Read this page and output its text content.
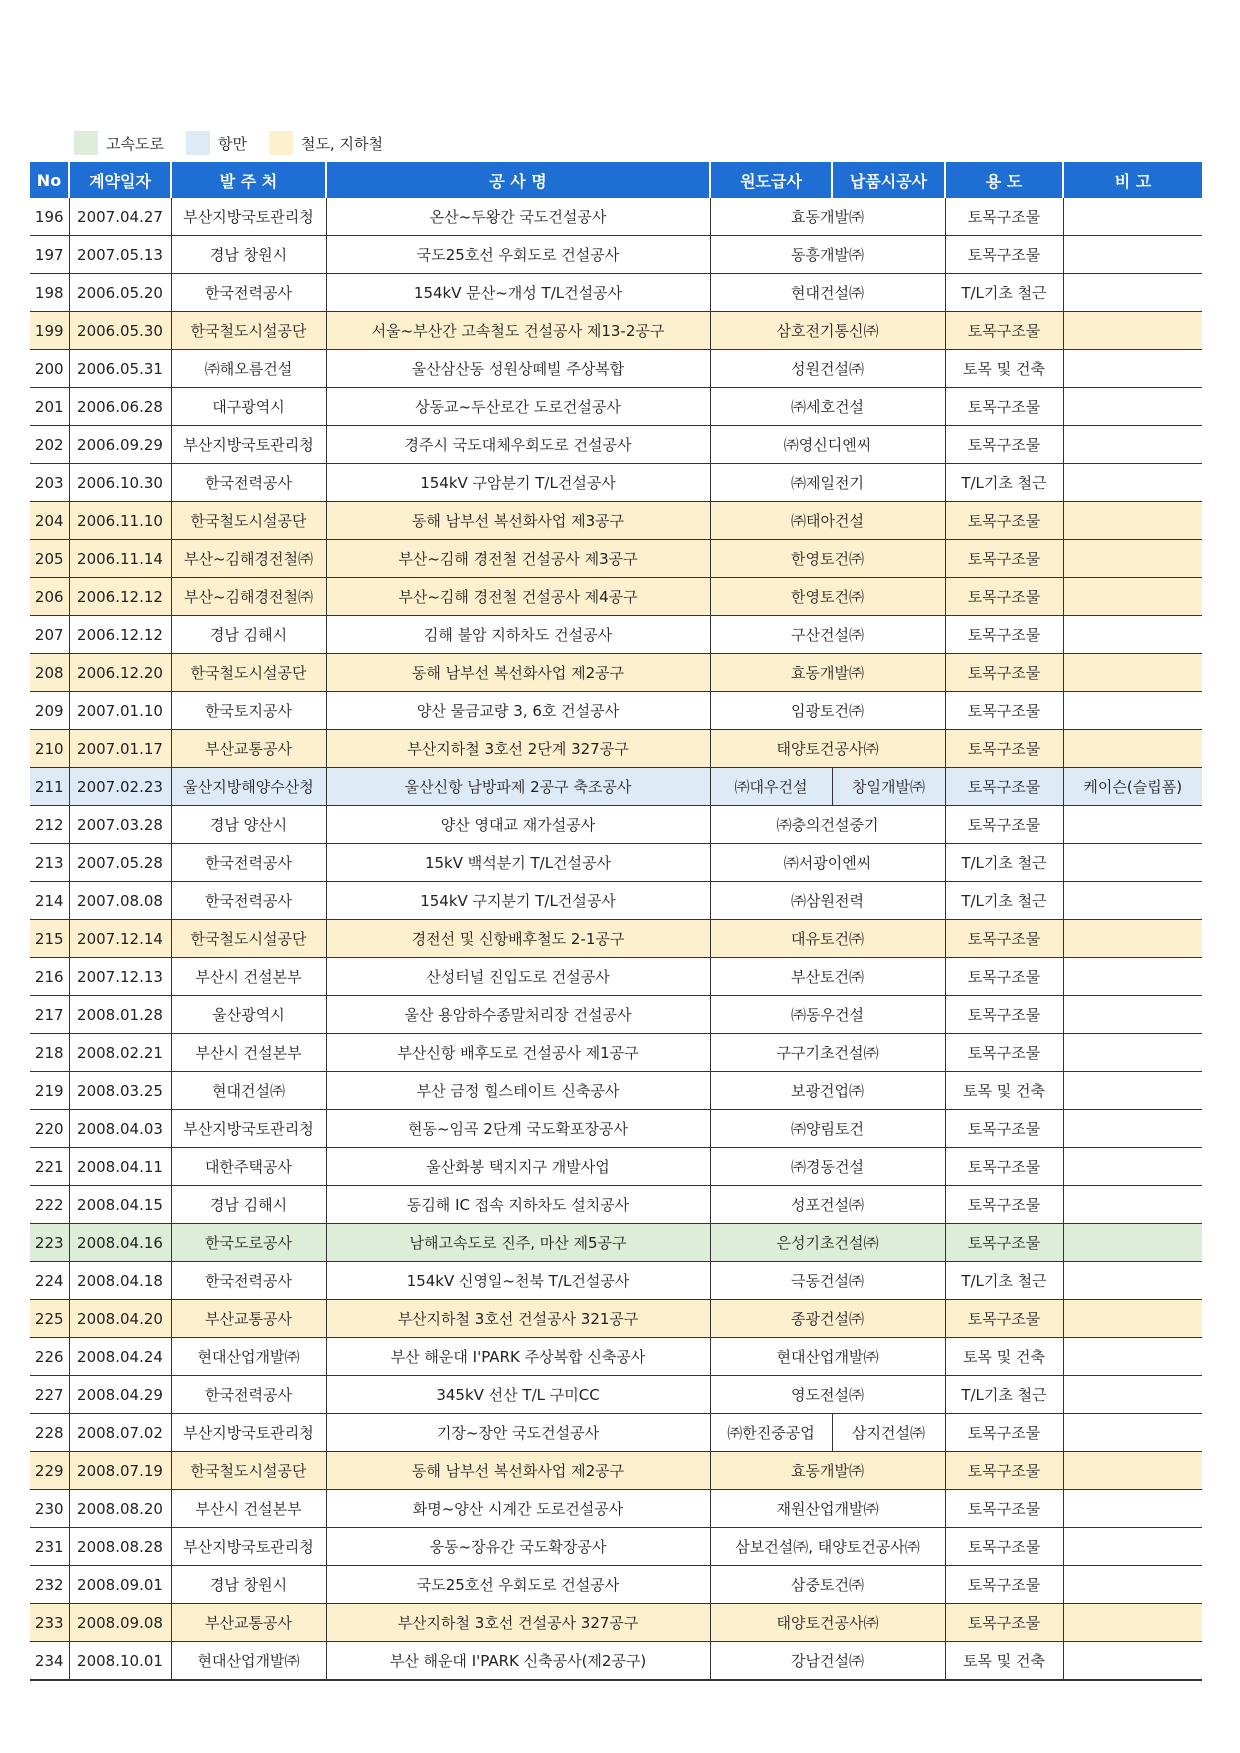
고속도로	항만	철도, 지하철
No	계약일자	발 주 처	공 사 명	원도급사	납품시공사	용 도	비 고
196	2007.04.27	부산지방국토관리청	온산~두왕간 국도건설공사	효동개발㈜		토목구조물	
197	2007.05.13	경남 창원시	국도25호선 우회도로 건설공사	동흥개발㈜		토목구조물	
198	2006.05.20	한국전력공사	154kV 문산~개성 T/L건설공사	현대건설㈜		T/L기초 철근	
199	2006.05.30	한국철도시설공단	서울~부산간 고속철도 건설공사 제13-2공구	삼호전기통신㈜		토목구조물	
200	2006.05.31	㈜해오름건설	울산삼산동 성원상떼빌 주상복합	성원건설㈜		토목 및 건축	
201	2006.06.28	대구광역시	상동교~두산로간 도로건설공사	㈜세호건설		토목구조물	
202	2006.09.29	부산지방국토관리청	경주시 국도대체우회도로 건설공사	㈜영신디엔씨		토목구조물	
203	2006.10.30	한국전력공사	154kV 구암분기 T/L건설공사	㈜제일전기		T/L기초 철근	
204	2006.11.10	한국철도시설공단	동해 남부선 복선화사업 제3공구	㈜태아건설		토목구조물	
205	2006.11.14	부산~김해경전철㈜	부산~김해 경전철 건설공사 제3공구	한영토건㈜		토목구조물	
206	2006.12.12	부산~김해경전철㈜	부산~김해 경전철 건설공사 제4공구	한영토건㈜		토목구조물	
207	2006.12.12	경남 김해시	김해 불암 지하차도 건설공사	구산건설㈜		토목구조물	
208	2006.12.20	한국철도시설공단	동해 남부선 복선화사업 제2공구	효동개발㈜		토목구조물	
209	2007.01.10	한국토지공사	양산 물금교량 3, 6호 건설공사	임광토건㈜		토목구조물	
210	2007.01.17	부산교통공사	부산지하철 3호선 2단계 327공구	태양토건공사㈜		토목구조물	
211	2007.02.23	울산지방해양수산청	울산신항 남방파제 2공구 축조공사	㈜대우건설	창일개발㈜	토목구조물	케이슨(슬립폼)
212	2007.03.28	경남 양산시	양산 영대교 재가설공사	㈜충의건설중기		토목구조물	
213	2007.05.28	한국전력공사	15kV 백석분기 T/L건설공사	㈜서광이엔씨		T/L기초 철근	
214	2007.08.08	한국전력공사	154kV 구지분기 T/L건설공사	㈜삼원전력		T/L기초 철근	
215	2007.12.14	한국철도시설공단	경전선 및 신항배후철도 2-1공구	대유토건㈜		토목구조물	
216	2007.12.13	부산시 건설본부	산성터널 진입도로 건설공사	부산토건㈜		토목구조물	
217	2008.01.28	울산광역시	울산 용암하수종말처리장 건설공사	㈜동우건설		토목구조물	
218	2008.02.21	부산시 건설본부	부산신항 배후도로 건설공사 제1공구	구구기초건설㈜		토목구조물	
219	2008.03.25	현대건설㈜	부산 금정 힐스테이트 신축공사	보광건업㈜		토목 및 건축	
220	2008.04.03	부산지방국토관리청	현동~임곡 2단계 국도확포장공사	㈜양림토건		토목구조물	
221	2008.04.11	대한주택공사	울산화봉 택지지구 개발사업	㈜경동건설		토목구조물	
222	2008.04.15	경남 김해시	동김해 IC 접속 지하차도 설치공사	성포건설㈜		토목구조물	
223	2008.04.16	한국도로공사	남해고속도로 진주, 마산 제5공구	은성기초건설㈜		토목구조물	
224	2008.04.18	한국전력공사	154kV 신영일~천북 T/L건설공사	극동건설㈜		T/L기초 철근	
225	2008.04.20	부산교통공사	부산지하철 3호선 건설공사 321공구	종광건설㈜		토목구조물	
226	2008.04.24	현대산업개발㈜	부산 해운대 I'PARK 주상복합 신축공사	현대산업개발㈜		토목 및 건축	
227	2008.04.29	한국전력공사	345kV 선산 T/L 구미CC	영도전설㈜		T/L기초 철근	
228	2008.07.02	부산지방국토관리청	기장~장안 국도건설공사	㈜한진중공업	삼지건설㈜	토목구조물	
229	2008.07.19	한국철도시설공단	동해 남부선 복선화사업 제2공구	효동개발㈜		토목구조물	
230	2008.08.20	부산시 건설본부	화명~양산 시계간 도로건설공사	재원산업개발㈜		토목구조물	
231	2008.08.28	부산지방국토관리청	웅동~장유간 국도확장공사	삼보건설㈜, 태양토건공사㈜		토목구조물	
232	2008.09.01	경남 창원시	국도25호선 우회도로 건설공사	삼중토건㈜		토목구조물	
233	2008.09.08	부산교통공사	부산지하철 3호선 건설공사 327공구	태양토건공사㈜		토목구조물	
234	2008.10.01	현대산업개발㈜	부산 해운대 I'PARK 신축공사(제2공구)	강남건설㈜		토목 및 건축	
